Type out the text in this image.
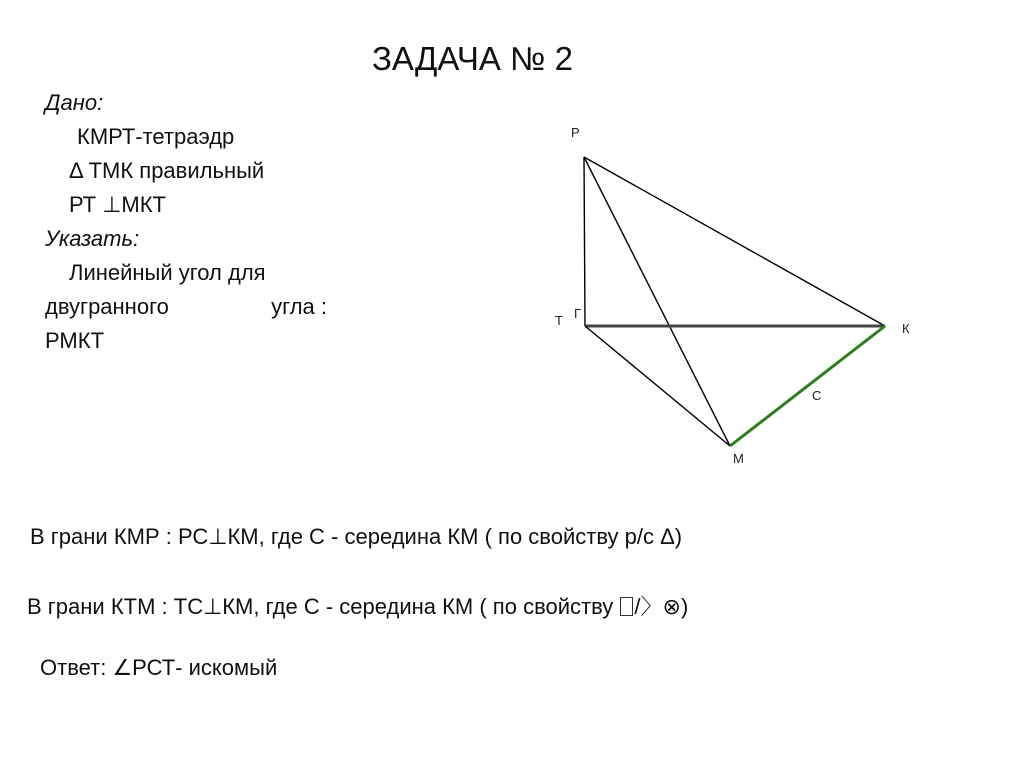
ЗАДАЧА № 2
Дано:
КМРТ-тетраэдр
Δ ТМК правильный
РТ ⊥МКТ
Указать:
Линейный угол для
двугранного	угла :
РМКТ
Р
Т Г
К
С
М
В грани КМР : РС⊥КМ, где С - середина КМ ( по свойству р/с Δ)
В грани КТМ : ТС⊥КМ, где С - середина КМ ( по свойству /〉⊗)
Ответ: ∠РСТ- искомый
